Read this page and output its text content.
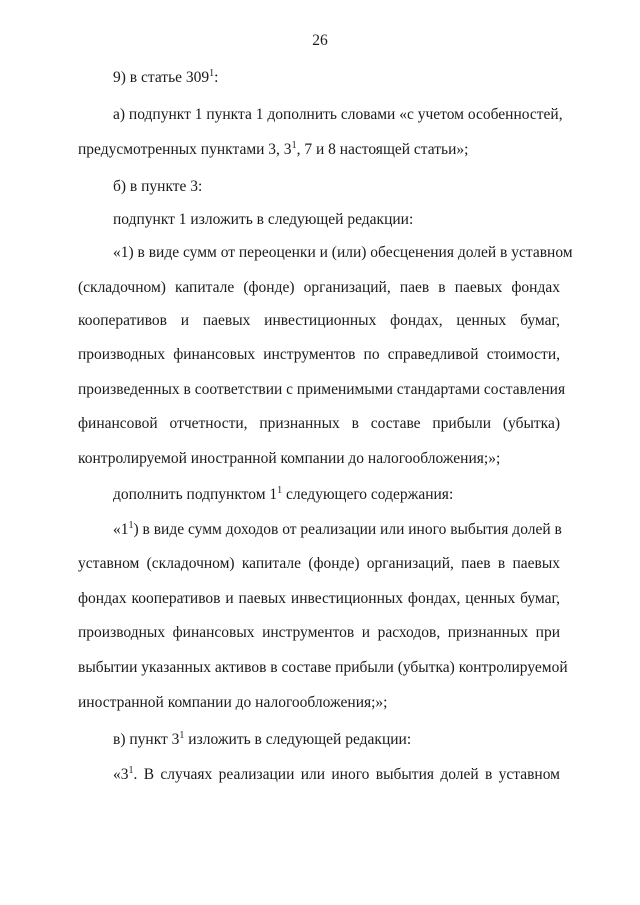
26
9) в статье $309^1$:
а) подпункт 1 пункта 1 дополнить словами «с учетом особенностей,
предусмотренных пунктами 3, $3^1$, 7 и 8 настоящей статьи»;
б) в пункте 3:
подпункт 1 изложить в следующей редакции:
«1) в виде сумм от переоценки и (или) обесценения долей в уставном
(складочном) капитале (фонде) организаций, паев в паевых фондах
кооперативов и паевых инвестиционных фондах, ценных бумаг,
производных финансовых инструментов по справедливой стоимости,
произведенных в соответствии с применимыми стандартами составления
финансовой отчетности, признанных в составе прибыли (убытка)
контролируемой иностранной компании до налогообложения;»;
дополнить подпунктом $1^1$ следующего содержания:
«$1^1$) в виде сумм доходов от реализации или иного выбытия долей в
уставном (складочном) капитале (фонде) организаций, паев в паевых
фондах кооперативов и паевых инвестиционных фондах, ценных бумаг,
производных финансовых инструментов и расходов, признанных при
выбытии указанных активов в составе прибыли (убытка) контролируемой
иностранной компании до налогообложения;»;
в) пункт $3^1$ изложить в следующей редакции:
«$3^1$. В случаях реализации или иного выбытия долей в уставном
